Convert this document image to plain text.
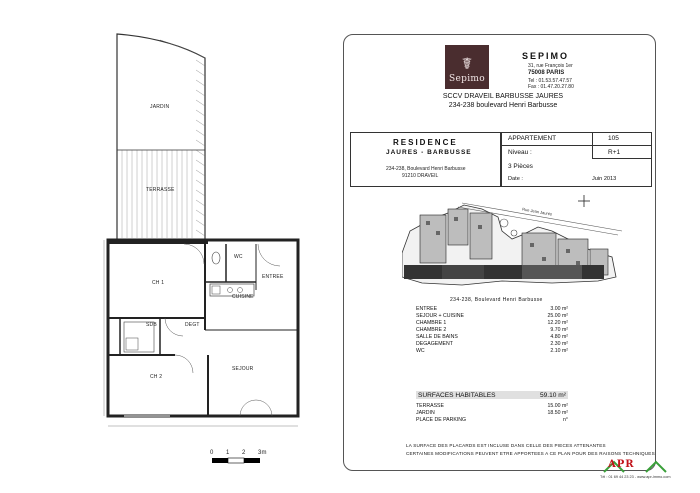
JARDIN
TERRASSE
CH 1
CH 2
WC
ENTREE
CUISINE
SDB	DEGT
SEJOUR
0 1 2 3m
☤
Sepimo
SEPIMO
31, rue François 1er
75008 PARIS
Tel : 01.53.57.47.57
Fax : 01.47.20.27.80
SCCV DRAVEIL BARBUSSE JAURES
234-238 boulevard Henri Barbusse
RESIDENCE
JAURES - BARBUSSE
234-238, Boulevard Henri Barbusse
91210 DRAVEIL
APPARTEMENT	105
Niveau :	R+1
3 Pièces
Date :	Juin 2013
Rue Jean Jaurès
234-238, Boulevard Henri Barbusse
ENTREE	3.00 m²
SEJOUR + CUISINE	25.00 m²
CHAMBRE 1	12.20 m²
CHAMBRE 2	9.70 m²
SALLE DE BAINS	4.80 m²
DEGAGEMENT	2.30 m²
WC	2.10 m²
SURFACES HABITABLES	59.10 m²
TERRASSE	15.00 m²
JARDIN	18.50 m²
PLACE DE PARKING	n°
LA SURFACE DES PLACARDS EST INCLUSE DANS CELLE DES PIECES ATTENANTES
CERTAINES MODIFICATIONS PEUVENT ETRE APPORTEES A CE PLAN POUR DES RAISONS TECHNIQUES
APR
Tél : 01 69 44 23 23 - www.apr-immo.com
